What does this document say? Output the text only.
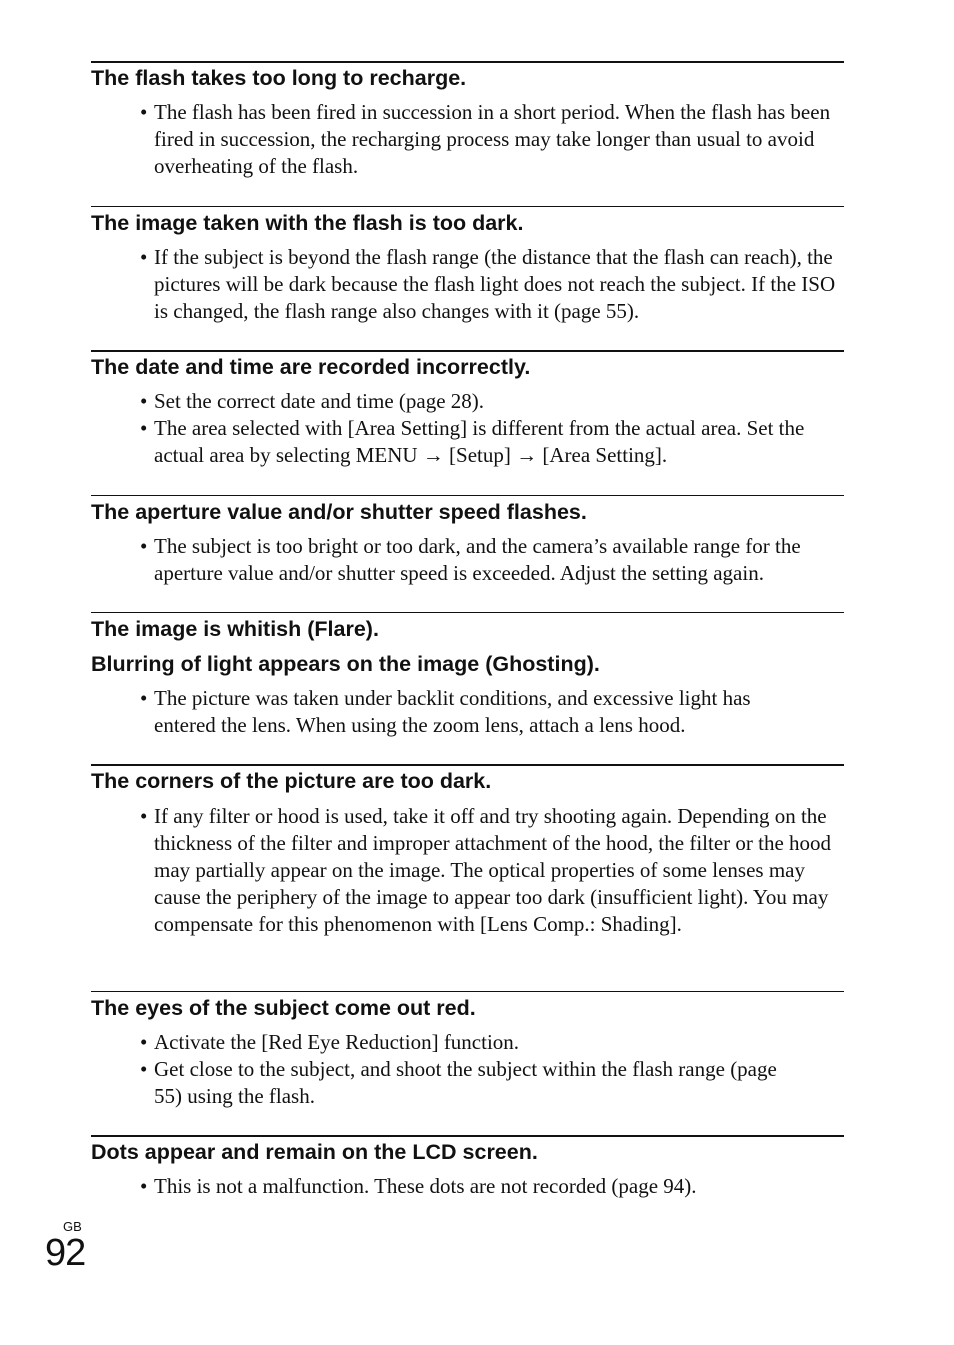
The flash takes too long to recharge.
• The flash has been fired in succession in a short period. When the flash has been fired in succession, the recharging process may take longer than usual to avoid overheating of the flash.
The image taken with the flash is too dark.
• If the subject is beyond the flash range (the distance that the flash can reach), the pictures will be dark because the flash light does not reach the subject. If the ISO is changed, the flash range also changes with it (page 55).
The date and time are recorded incorrectly.
• Set the correct date and time (page 28).
• The area selected with [Area Setting] is different from the actual area. Set the actual area by selecting MENU → [Setup] → [Area Setting].
The aperture value and/or shutter speed flashes.
• The subject is too bright or too dark, and the camera’s available range for the aperture value and/or shutter speed is exceeded. Adjust the setting again.
The image is whitish (Flare).
Blurring of light appears on the image (Ghosting).
• The picture was taken under backlit conditions, and excessive light has entered the lens. When using the zoom lens, attach a lens hood.
The corners of the picture are too dark.
• If any filter or hood is used, take it off and try shooting again. Depending on the thickness of the filter and improper attachment of the hood, the filter or the hood may partially appear on the image. The optical properties of some lenses may cause the periphery of the image to appear too dark (insufficient light). You may compensate for this phenomenon with [Lens Comp.: Shading].
The eyes of the subject come out red.
• Activate the [Red Eye Reduction] function.
• Get close to the subject, and shoot the subject within the flash range (page 55) using the flash.
Dots appear and remain on the LCD screen.
• This is not a malfunction. These dots are not recorded (page 94).
GB
92
